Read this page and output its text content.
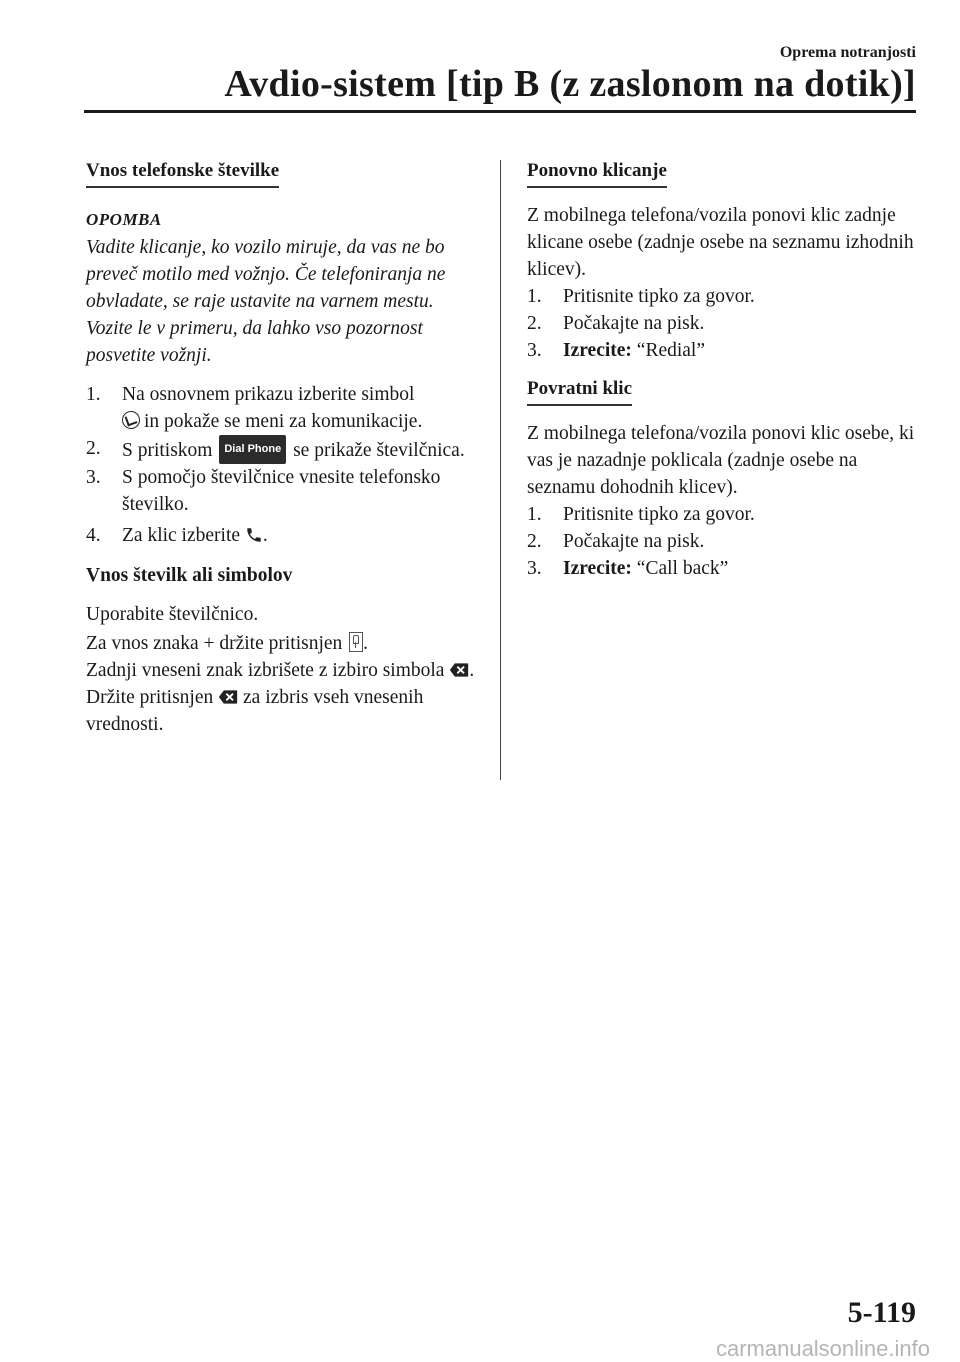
Oprema notranjosti
Avdio-sistem [tip B (z zaslonom na dotik)]
Vnos telefonske številke

OPOMBA

Vadite klicanje, ko vozilo miruje, da vas ne bo preveč motilo med vožnjo. Če telefoniranja ne obvladate, se raje ustavite na varnem mestu. Vozite le v primeru, da lahko vso pozornost posvetite vožnji.

1. Na osnovnem prikazu izberite simbol
in pokaže se meni za komunikacije.
2. S pritiskom Dial Phone se prikaže številčnica.
3. S pomočjo številčnice vnesite telefonsko številko.
4. Za klic izberite .

Vnos številk ali simbolov

Uporabite številčnico.

Za vnos znaka + držite pritisnjen .

Zadnji vneseni znak izbrišete z izbiro simbola .

Držite pritisnjen za izbris vseh vnesenih vrednosti.

Ponovno klicanje

Z mobilnega telefona/vozila ponovi klic zadnje klicane osebe (zadnje osebe na seznamu izhodnih klicev).

1. Pritisnite tipko za govor.
2. Počakajte na pisk.
3. Izrecite: “Redial”
Povratni klic

Z mobilnega telefona/vozila ponovi klic osebe, ki vas je nazadnje poklicala (zadnje osebe na seznamu dohodnih klicev).

1. Pritisnite tipko za govor.
2. Počakajte na pisk.
3. Izrecite: “Call back”
5-119
carmanualsonline.info
